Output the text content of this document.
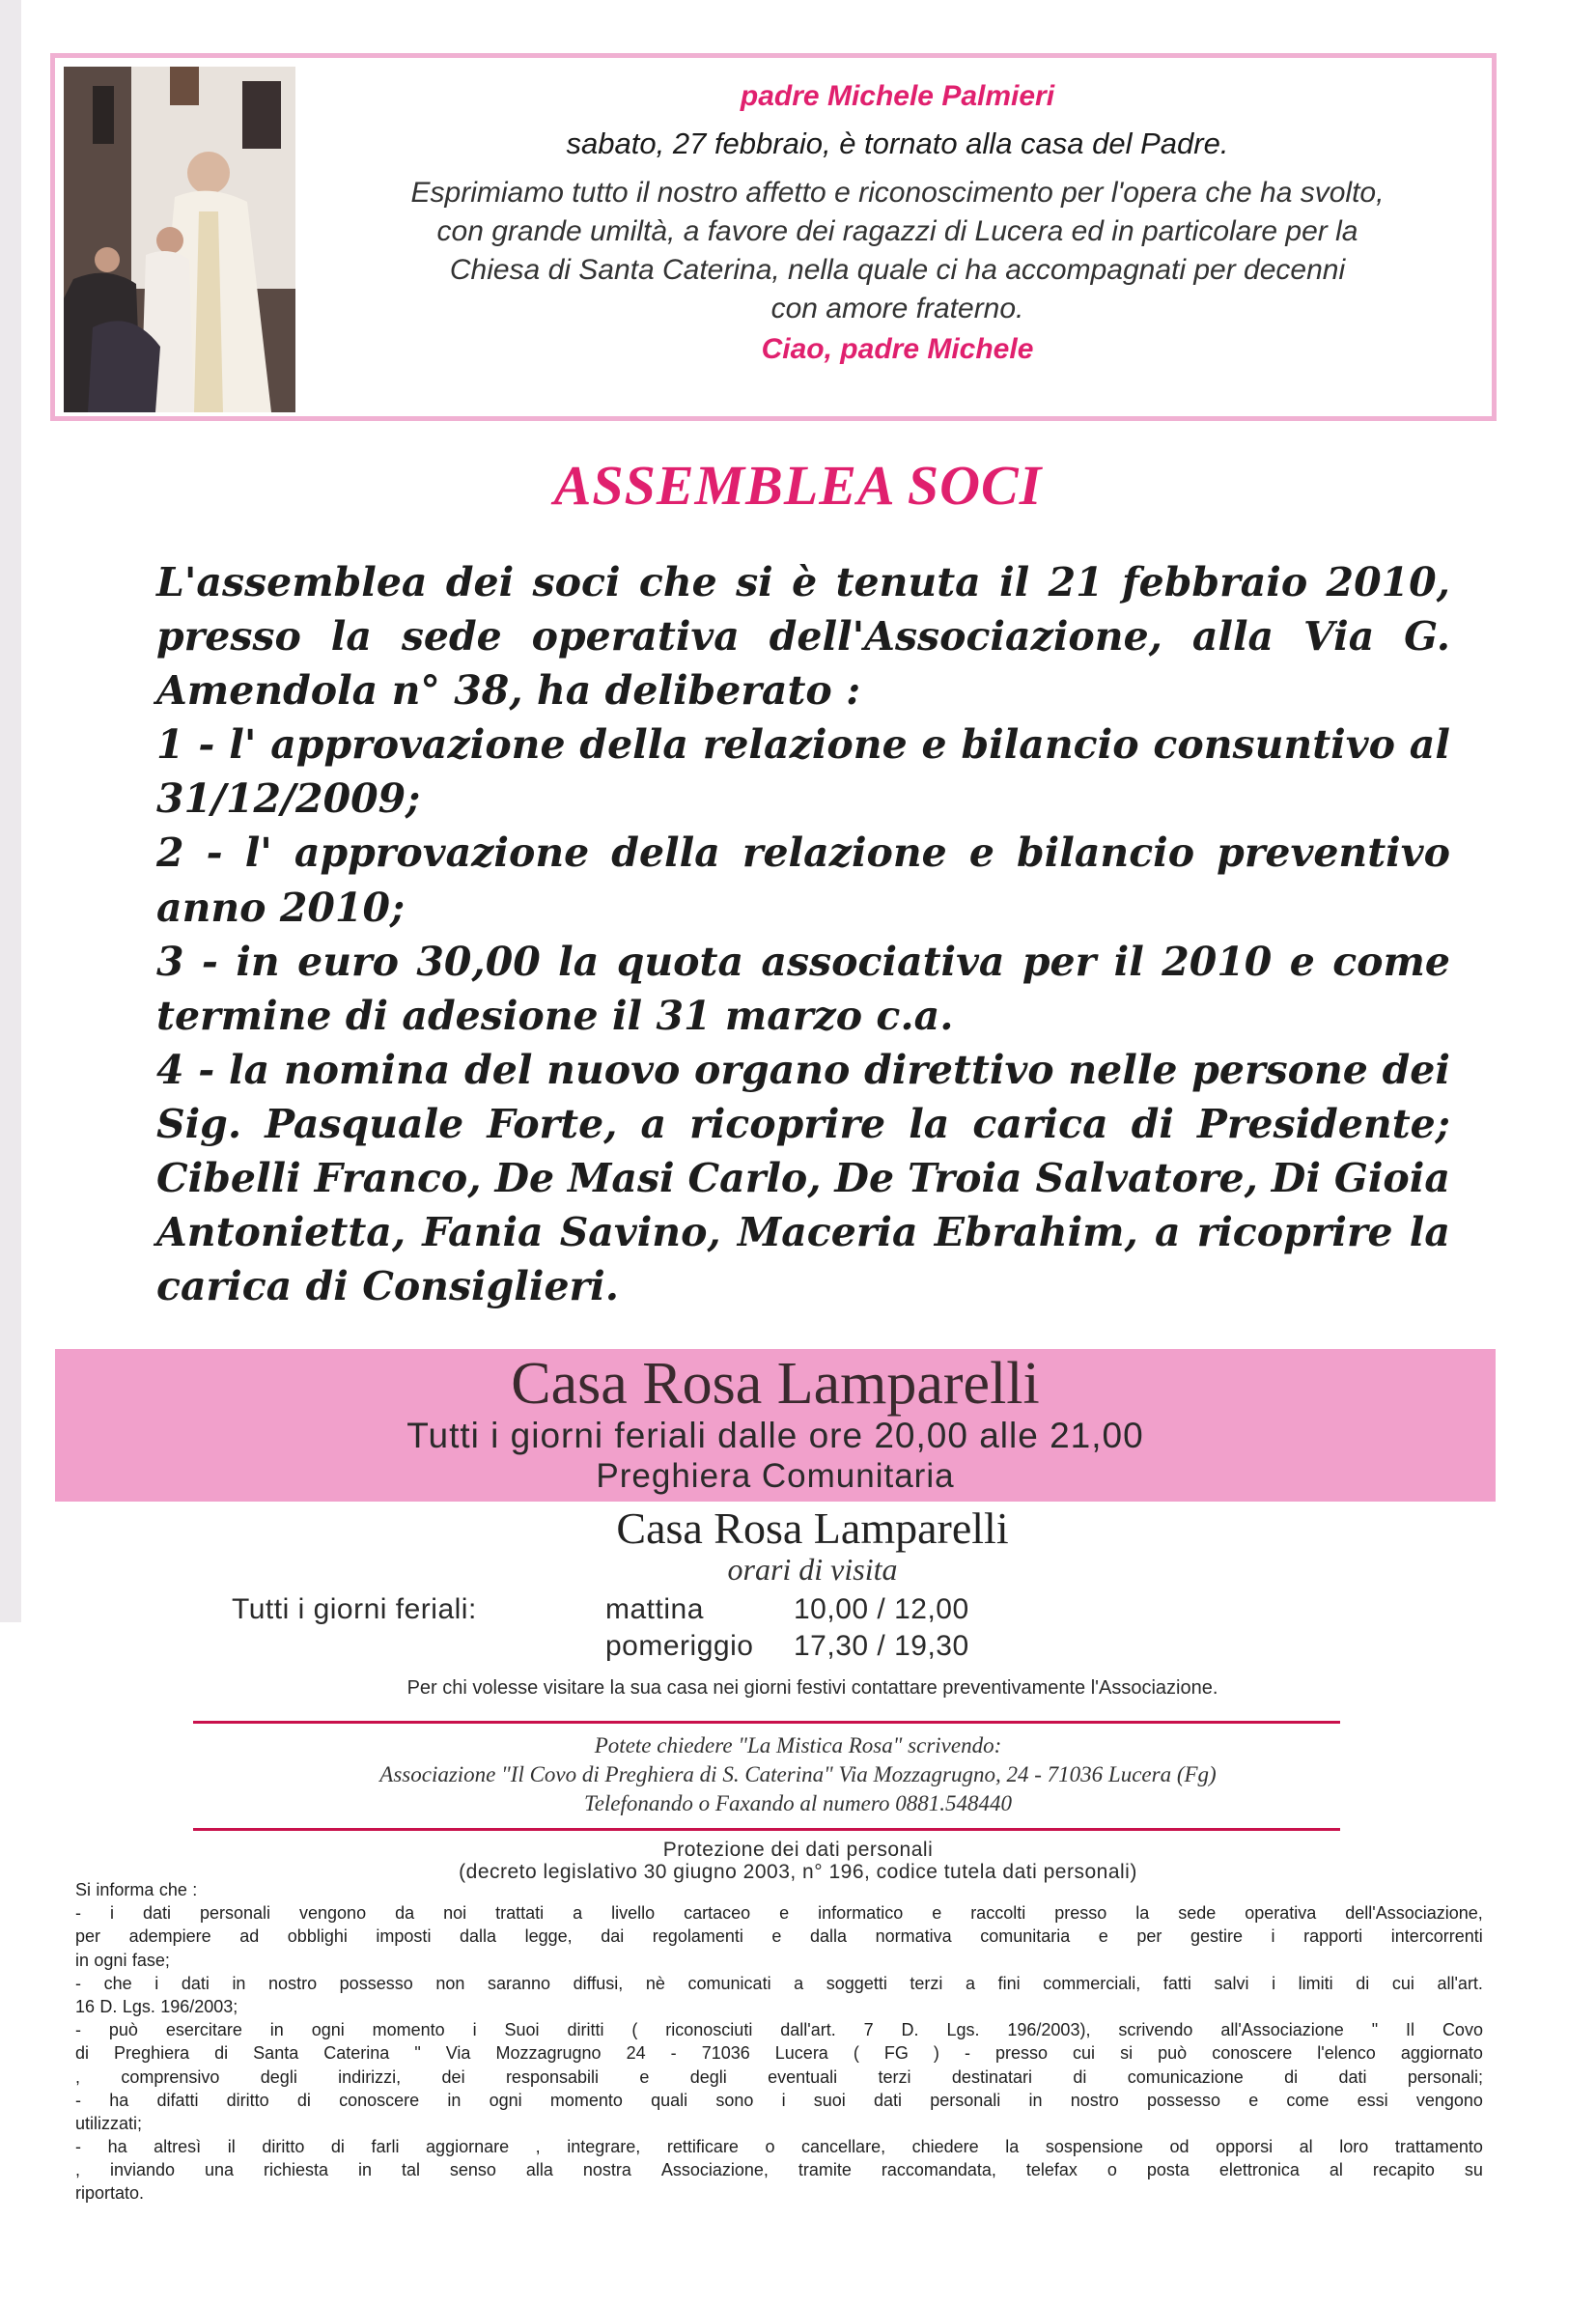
padre Michele Palmieri
sabato, 27 febbraio, è tornato alla casa del Padre.
Esprimiamo tutto il nostro affetto e riconoscimento per l'opera che ha svolto,
con grande umiltà, a favore dei ragazzi di Lucera ed in particolare per la
Chiesa di Santa Caterina, nella quale ci ha accompagnati per decenni
con amore fraterno.
Ciao, padre Michele
ASSEMBLEA SOCI
L'assemblea dei soci che si è tenuta il 21 febbraio 2010,
presso la sede operativa dell'Associazione, alla Via G.
Amendola n° 38, ha deliberato :
1 - l' approvazione della relazione e bilancio consuntivo al
31/12/2009;
2 - l' approvazione della relazione e bilancio preventivo
anno 2010;
3 - in euro 30,00 la quota associativa per il 2010 e come
termine di adesione il 31 marzo c.a.
4 - la nomina del nuovo organo direttivo nelle persone dei
Sig. Pasquale Forte, a ricoprire la carica di Presidente;
Cibelli Franco, De Masi Carlo, De Troia Salvatore, Di Gioia
Antonietta, Fania Savino, Maceria Ebrahim, a ricoprire la
carica di Consiglieri.
Casa Rosa Lamparelli
Tutti i giorni feriali dalle ore 20,00 alle 21,00
Preghiera Comunitaria
Casa Rosa Lamparelli
orari di visita
Tutti i giorni feriali:	mattina	10,00 / 12,00
pomeriggio 17,30 / 19,30
Per chi volesse visitare la sua casa nei giorni festivi contattare preventivamente l'Associazione.
Potete chiedere "La Mistica Rosa" scrivendo:
Associazione "Il Covo di Preghiera di S. Caterina" Via Mozzagrugno, 24 - 71036 Lucera (Fg)
Telefonando o Faxando al numero 0881.548440
Protezione dei dati personali
(decreto legislativo 30 giugno 2003, n° 196, codice tutela dati personali)
Si informa che :
- i dati personali vengono da noi trattati a livello cartaceo e informatico e raccolti presso la sede operativa dell'Associazione,
per adempiere ad obblighi imposti dalla legge, dai regolamenti e dalla normativa comunitaria e per gestire i rapporti intercorrenti
in ogni fase;
- che i dati in nostro possesso non saranno diffusi, nè comunicati a soggetti terzi a fini commerciali, fatti salvi i limiti di cui all'art.
16 D. Lgs. 196/2003;
- può esercitare in ogni momento i Suoi diritti ( riconosciuti dall'art. 7 D. Lgs. 196/2003), scrivendo all'Associazione " Il Covo
di Preghiera di Santa Caterina " Via Mozzagrugno 24 - 71036 Lucera ( FG ) - presso cui si può conoscere l'elenco aggiornato
, comprensivo degli indirizzi, dei responsabili e degli eventuali terzi destinatari di comunicazione di dati personali;
- ha difatti diritto di conoscere in ogni momento quali sono i suoi dati personali in nostro possesso e come essi vengono
utilizzati;
- ha altresì il diritto di farli aggiornare , integrare, rettificare o cancellare, chiedere la sospensione od opporsi al loro trattamento
, inviando una richiesta in tal senso alla nostra Associazione, tramite raccomandata, telefax o posta elettronica al recapito su
riportato.
